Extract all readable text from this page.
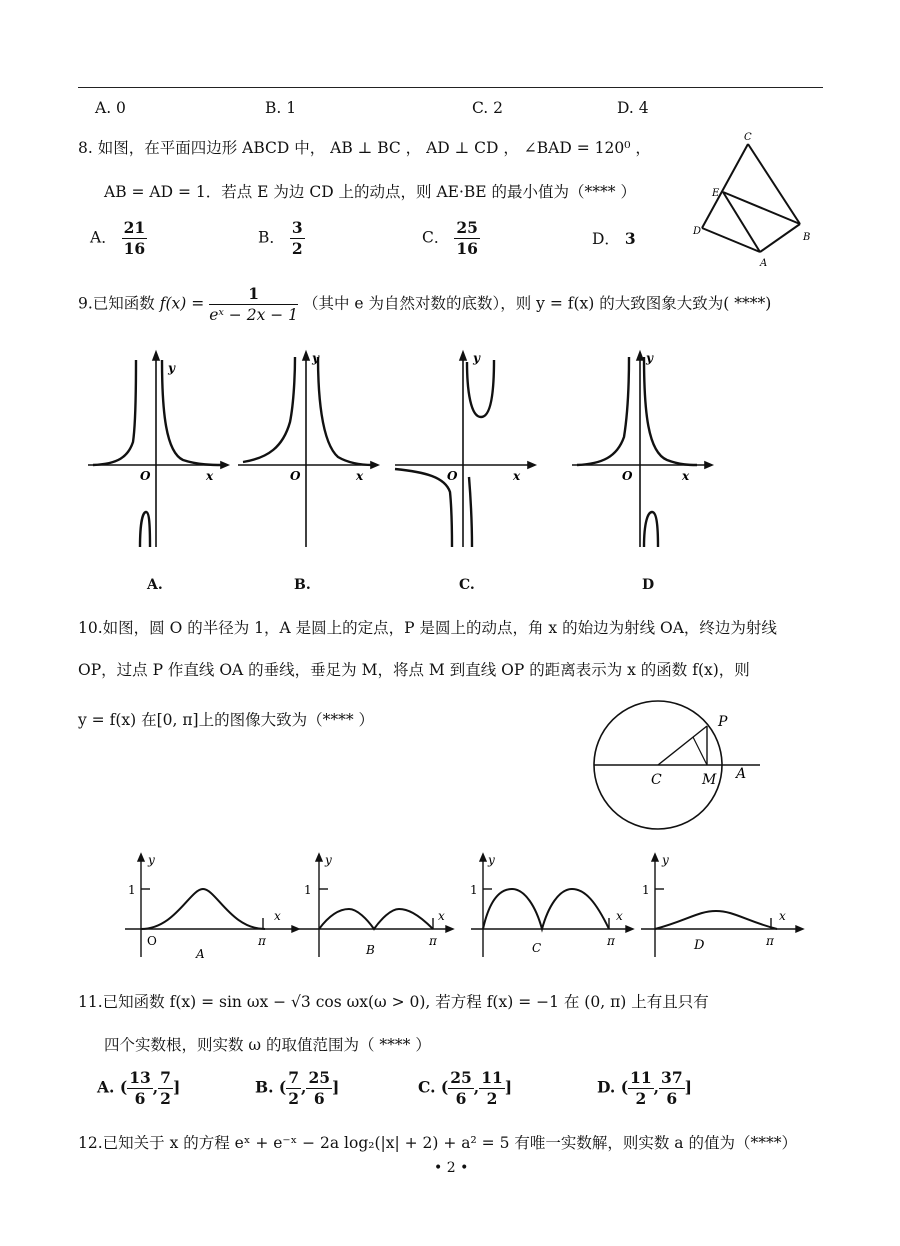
A. 0	B. 1	C. 2	D. 4
8. 如图，在平面四边形 ABCD 中， AB ⊥ BC ， AD ⊥ CD ， ∠BAD = 120⁰ ，
AB = AD = 1．若点 E 为边 CD 上的动点，则 AE·BE 的最小值为（**** ）
A． $\frac{21}{16}$	B． $\frac{3}{2}$	C． $\frac{25}{16}$	D． 3
C
E
D
B
A
9.已知函数 $f(x) = \frac{1}{\text{eˣ − 2x − 1}}$ （其中 e 为自然对数的底数），则 y = f(x) 的大致图象大致为( ****)
O	x
y
O	x
y
O	x
y
O	x
y
A.	B.	C.	D
10.如图，圆 O 的半径为 1，A 是圆上的定点，P 是圆上的动点，角 x 的始边为射线 OA，终边为射线
OP，过点 P 作直线 OA 的垂线，垂足为 M，将点 M 到直线 OP 的距离表示为 x 的函数 f(x)，则
y = f(x) 在[0, π]上的图像大致为（**** ）	P
C	M A
1
y
x
O	π
A
1
y
x
π
B
1
y
x
π
C
1
y
x
π
D
11.已知函数 f(x) = sin ωx − √3 cos ωx(ω > 0), 若方程 f(x) = −1 在 (0, π) 上有且只有
四个实数根，则实数 ω 的取值范围为（ **** ）
A. ( $\frac{13}{6}$ , $\frac{7}{2}$ ]	B. ( $\frac{7}{2}$ , $\frac{25}{6}$ ]	C. ( $\frac{25}{6}$ , $\frac{11}{2}$ ]	D. ( $\frac{11}{2}$ , $\frac{37}{6}$ ]
12.已知关于 x 的方程 eˣ + e⁻ˣ − 2a log₂(|x| + 2) + a² = 5 有唯一实数解，则实数 a 的值为（****）
• 2 •
